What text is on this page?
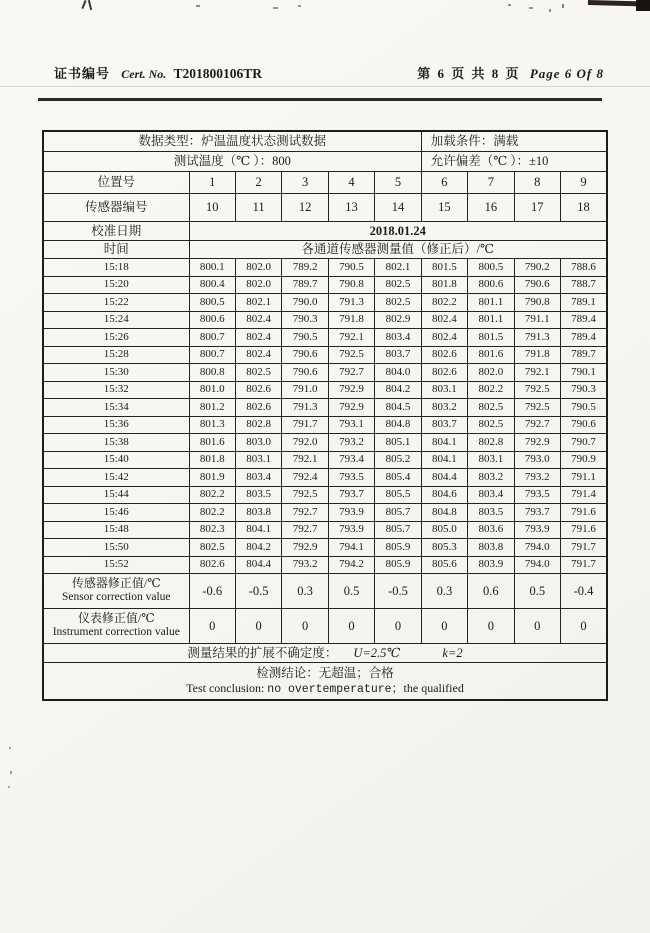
证书编号 Cert. No. T201800106TR	第 6 页 共 8 页 Page 6 Of 8
数据类型：炉温温度状态测试数据						加载条件：满载			
测试温度（℃ ）：800						允许偏差（℃ ）：±10			
位置号	1	2	3	4	5	6	7	8	9
传感器编号	10	11	12	13	14	15	16	17	18
校准日期	2018.01.24								
时间	各通道传感器测量值（修正后）/℃								
15:18	800.1	802.0	789.2	790.5	802.1	801.5	800.5	790.2	788.6
15:20	800.4	802.0	789.7	790.8	802.5	801.8	800.6	790.6	788.7
15:22	800.5	802.1	790.0	791.3	802.5	802.2	801.1	790.8	789.1
15:24	800.6	802.4	790.3	791.8	802.9	802.4	801.1	791.1	789.4
15:26	800.7	802.4	790.5	792.1	803.4	802.4	801.5	791.3	789.4
15:28	800.7	802.4	790.6	792.5	803.7	802.6	801.6	791.8	789.7
15:30	800.8	802.5	790.6	792.7	804.0	802.6	802.0	792.1	790.1
15:32	801.0	802.6	791.0	792.9	804.2	803.1	802.2	792.5	790.3
15:34	801.2	802.6	791.3	792.9	804.5	803.2	802.5	792.5	790.5
15:36	801.3	802.8	791.7	793.1	804.8	803.7	802.5	792.7	790.6
15:38	801.6	803.0	792.0	793.2	805.1	804.1	802.8	792.9	790.7
15:40	801.8	803.1	792.1	793.4	805.2	804.1	803.1	793.0	790.9
15:42	801.9	803.4	792.4	793.5	805.4	804.4	803.2	793.2	791.1
15:44	802.2	803.5	792.5	793.7	805.5	804.6	803.4	793.5	791.4
15:46	802.2	803.8	792.7	793.9	805.7	804.8	803.5	793.7	791.6
15:48	802.3	804.1	792.7	793.9	805.7	805.0	803.6	793.9	791.6
15:50	802.5	804.2	792.9	794.1	805.9	805.3	803.8	794.0	791.7
15:52	802.6	804.4	793.2	794.2	805.9	805.6	803.9	794.0	791.7

传感器修正值/℃
Sensor correction value	-0.6	-0.5	0.3	0.5	-0.5	0.3	0.6	0.5	-0.4

仪表修正值/℃
Instrument correction value	0	0	0	0	0	0	0	0	0
测量结果的扩展不确定度： U=2.5℃ k=2									

检测结论：无超温；合格
Test conclusion: no overtemperature；the qualified									
